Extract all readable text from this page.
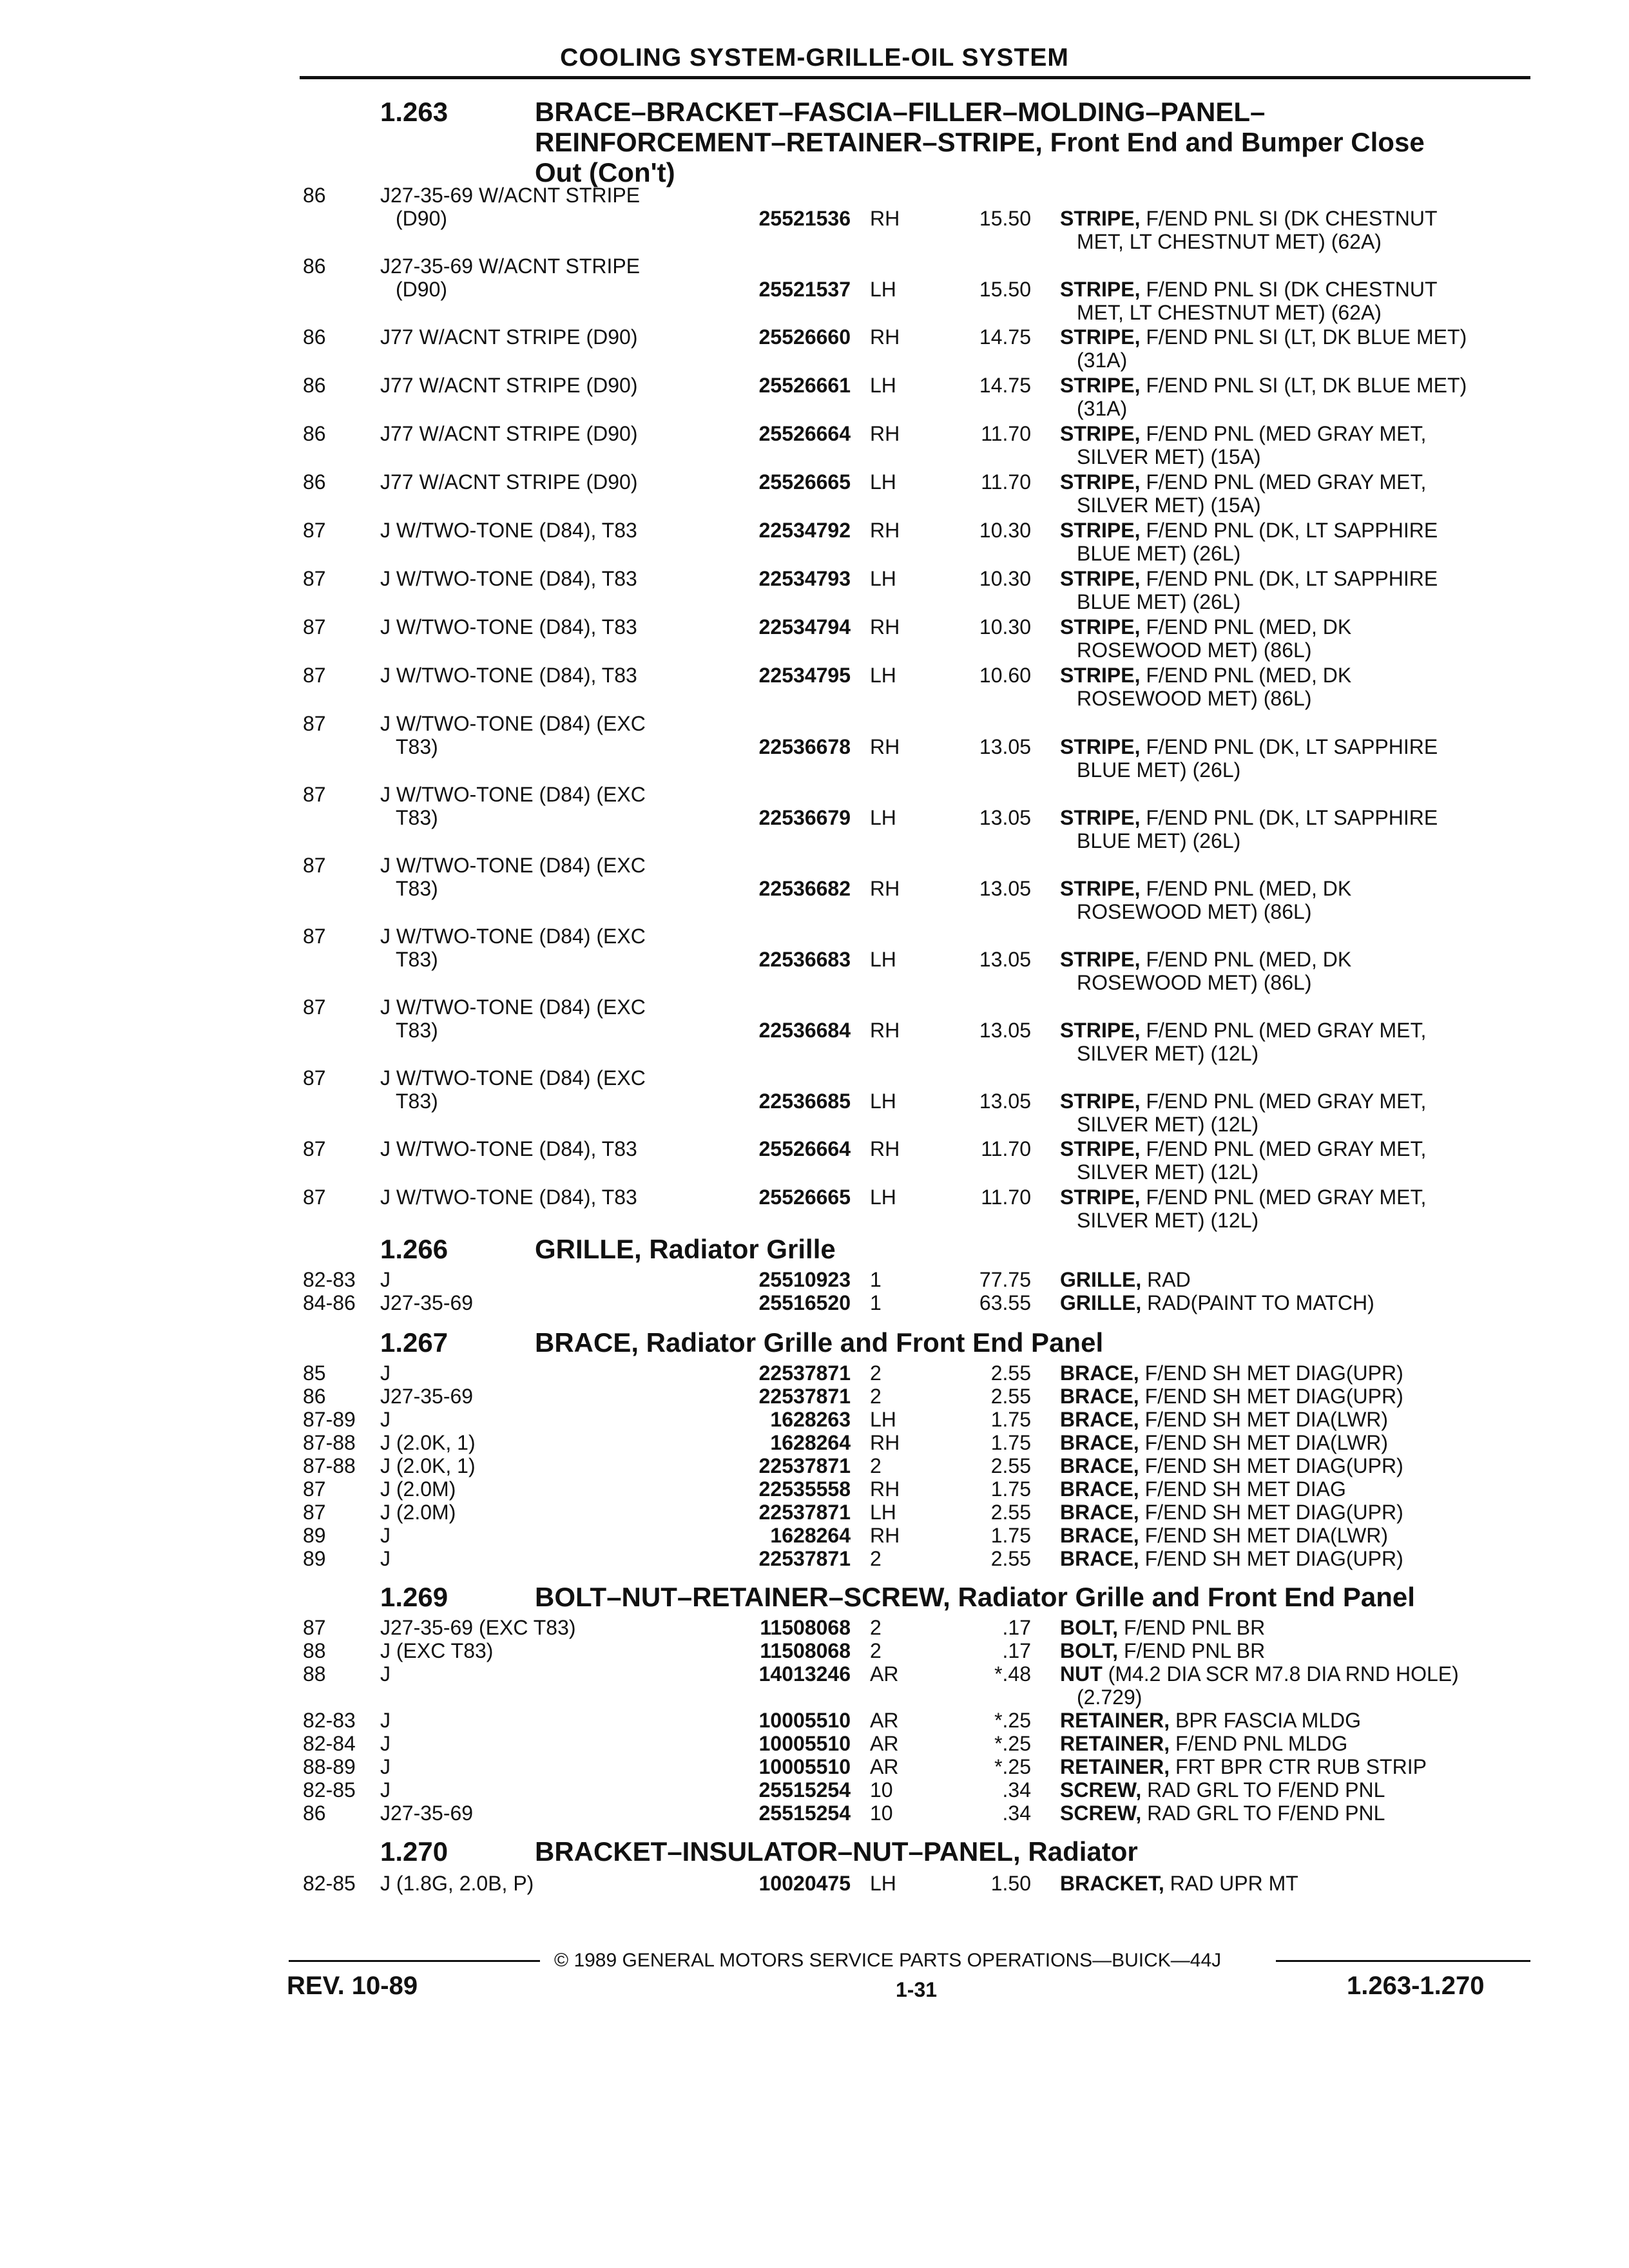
COOLING SYSTEM-GRILLE-OIL SYSTEM
1.263	BRACE–BRACKET–FASCIA–FILLER–MOLDING–PANEL–
REINFORCEMENT–RETAINER–STRIPE, Front End and Bumper Close
Out (Con't)
86	J27-35-69 W/ACNT STRIPE
(D90)	25521536 RH	15.50 STRIPE, F/END PNL SI (DK CHESTNUT
MET, LT CHESTNUT MET) (62A)
86	J27-35-69 W/ACNT STRIPE
(D90)	25521537 LH	15.50 STRIPE, F/END PNL SI (DK CHESTNUT
MET, LT CHESTNUT MET) (62A)
86	J77 W/ACNT STRIPE (D90)	25526660 RH	14.75 STRIPE, F/END PNL SI (LT, DK BLUE MET)
(31A)
86	J77 W/ACNT STRIPE (D90)	25526661 LH	14.75 STRIPE, F/END PNL SI (LT, DK BLUE MET)
(31A)
86	J77 W/ACNT STRIPE (D90)	25526664 RH	11.70 STRIPE, F/END PNL (MED GRAY MET,
SILVER MET) (15A)
86	J77 W/ACNT STRIPE (D90)	25526665 LH	11.70 STRIPE, F/END PNL (MED GRAY MET,
SILVER MET) (15A)
87	J W/TWO-TONE (D84), T83	22534792 RH	10.30 STRIPE, F/END PNL (DK, LT SAPPHIRE
BLUE MET) (26L)
87	J W/TWO-TONE (D84), T83	22534793 LH	10.30 STRIPE, F/END PNL (DK, LT SAPPHIRE
BLUE MET) (26L)
87	J W/TWO-TONE (D84), T83	22534794 RH	10.30 STRIPE, F/END PNL (MED, DK
ROSEWOOD MET) (86L)
87	J W/TWO-TONE (D84), T83	22534795 LH	10.60 STRIPE, F/END PNL (MED, DK
ROSEWOOD MET) (86L)
87	J W/TWO-TONE (D84) (EXC
T83)	22536678 RH	13.05 STRIPE, F/END PNL (DK, LT SAPPHIRE
BLUE MET) (26L)
87	J W/TWO-TONE (D84) (EXC
T83)	22536679 LH	13.05 STRIPE, F/END PNL (DK, LT SAPPHIRE
BLUE MET) (26L)
87	J W/TWO-TONE (D84) (EXC
T83)	22536682 RH	13.05 STRIPE, F/END PNL (MED, DK
ROSEWOOD MET) (86L)
87	J W/TWO-TONE (D84) (EXC
T83)	22536683 LH	13.05 STRIPE, F/END PNL (MED, DK
ROSEWOOD MET) (86L)
87	J W/TWO-TONE (D84) (EXC
T83)	22536684 RH	13.05 STRIPE, F/END PNL (MED GRAY MET,
SILVER MET) (12L)
87	J W/TWO-TONE (D84) (EXC
T83)	22536685 LH	13.05 STRIPE, F/END PNL (MED GRAY MET,
SILVER MET) (12L)
87	J W/TWO-TONE (D84), T83	25526664 RH	11.70 STRIPE, F/END PNL (MED GRAY MET,
SILVER MET) (12L)
87	J W/TWO-TONE (D84), T83	25526665 LH	11.70 STRIPE, F/END PNL (MED GRAY MET,
SILVER MET) (12L)
1.266	GRILLE, Radiator Grille
82-83 J	25510923 1	77.75 GRILLE, RAD
84-86 J27-35-69	25516520 1	63.55 GRILLE, RAD(PAINT TO MATCH)
1.267	BRACE, Radiator Grille and Front End Panel
85	J	22537871 2	2.55 BRACE, F/END SH MET DIAG(UPR)
86	J27-35-69	22537871 2	2.55 BRACE, F/END SH MET DIAG(UPR)
87-89 J	1628263 LH	1.75 BRACE, F/END SH MET DIA(LWR)
87-88 J (2.0K, 1)	1628264 RH	1.75 BRACE, F/END SH MET DIA(LWR)
87-88 J (2.0K, 1)	22537871 2	2.55 BRACE, F/END SH MET DIAG(UPR)
87	J (2.0M)	22535558 RH	1.75 BRACE, F/END SH MET DIAG
87	J (2.0M)	22537871 LH	2.55 BRACE, F/END SH MET DIAG(UPR)
89	J	1628264 RH	1.75 BRACE, F/END SH MET DIA(LWR)
89	J	22537871 2	2.55 BRACE, F/END SH MET DIAG(UPR)
1.269	BOLT–NUT–RETAINER–SCREW, Radiator Grille and Front End Panel
87	J27-35-69 (EXC T83)	11508068 2	.17 BOLT, F/END PNL BR
88	J (EXC T83)	11508068 2	.17 BOLT, F/END PNL BR
88	J	14013246 AR	*.48 NUT (M4.2 DIA SCR M7.8 DIA RND HOLE)
(2.729)
82-83 J	10005510 AR	*.25 RETAINER, BPR FASCIA MLDG
82-84 J	10005510 AR	*.25 RETAINER, F/END PNL MLDG
88-89 J	10005510 AR	*.25 RETAINER, FRT BPR CTR RUB STRIP
82-85 J	25515254 10	.34 SCREW, RAD GRL TO F/END PNL
86	J27-35-69	25515254 10	.34 SCREW, RAD GRL TO F/END PNL
1.270	BRACKET–INSULATOR–NUT–PANEL, Radiator
82-85 J (1.8G, 2.0B, P)	10020475 LH	1.50 BRACKET, RAD UPR MT
© 1989 GENERAL MOTORS SERVICE PARTS OPERATIONS—BUICK—44J
REV. 10-89	1-31	1.263-1.270
